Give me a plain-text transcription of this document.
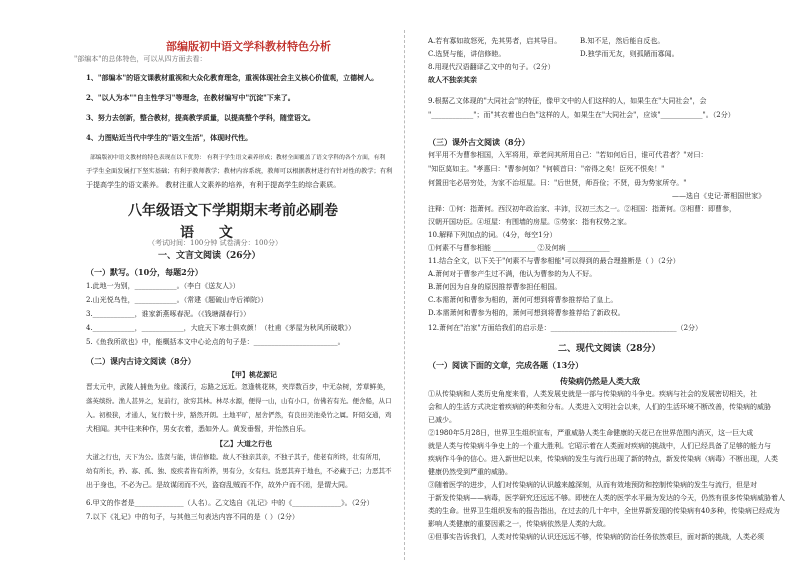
部编版初中语文学科教材特色分析
"部编本"的总体特色，可以从四方面去看：
1、"部编本"的语文课教材重视和大众化教育理念，重视体现社会主义核心价值观，立德树人。
2、"以人为本""自主性学习"等理念，在教材编写中"沉淀"下来了。
3、努力去创新，整合教材，提高教学质量，以提高整个学科，随堂语文。
4、力图贴近当代中学生的"语文生活"，体现时代性。
部编版初中语文教材的特色表现在以下优势： 有利于学生语文素养形成；教材全面覆盖了语文学科的各个方面，有利
于学生全面发展打下坚实基础；有利于教师教学；教材内容系统，教师可以根据教材进行有针对性的教学；有利
于提高学生的语文素养。 教材注重人文素养的培养，有利于提高学生的综合素质。
八年级语文下学期期末考前必刷卷
语 文
（考试时间：100分钟 试卷满分：100分）
一、文言文阅读（26分）
（一）默写。（10分，每题2分）
1.此地一为别，____________。（李白《送友人》）
2.山光悦鸟性，____________。（常建《题破山寺后禅院》）
3.____________，谁家新燕啄春泥。（《钱塘湖春行》）
4.____________，____________，大庇天下寒士俱欢颜！（杜甫《茅屋为秋风所破歌》）
5.《鱼我所欲也》中，能概括本文中心论点的句子是：________________________。
（二）课内古诗文阅读（8分）
【甲】桃花源记
晋太元中，武陵人捕鱼为业。缘溪行，忘路之远近。忽逢桃花林，夹岸数百步，中无杂树，芳草鲜美，
落英缤纷。渔人甚异之，复前行，欲穷其林。林尽水源，便得一山，山有小口，仿佛若有光。便舍船，从口
入。初极狭，才通人，复行数十步，豁然开朗。土地平旷，屋舍俨然，有良田美池桑竹之属。阡陌交通，鸡
犬相闻。其中往来种作，男女衣着，悉如外人。黄发垂髫，并怡然自乐。
【乙】大道之行也
大道之行也，天下为公。选贤与能，讲信修睦。故人不独亲其亲，不独子其子，使老有所终，壮有所用，
幼有所长，矜、寡、孤、独、废疾者皆有所养，男有分，女有归。货恶其弃于地也，不必藏于己；力恶其不
出于身也，不必为己。是故谋闭而不兴，盗窃乱贼而不作，故外户而不闭，是谓大同。
6.甲文的作者是______________（人名）。乙文选自《礼记》中的《______________》。（2分）
7.以下《礼记》中的句子，与其他三句表达内容不同的是（ ）（2分）
A.若有寡如故怒死，先其男者，启其导目。	B.知不足，然后能自反也。
C.选贤与能，讲信修睦。	D.独学而无友，则孤陋而寡闻。
8.用现代汉语翻译乙文中的句子。（2分）
故人不独亲其亲
9.根据乙文体现的"大同社会"的特征，像甲文中的人们这样的人，如果生在"大同社会"，会
"____________"；而"其衣着也白色"这样的人，如果生在"大同社会"，应该"____________"。（2分）
（三）课外古文阅读（8分）
何平用不为曹参相国，入军将用，章老问其所用自己："若如何后日，谁可代君者？"对曰：
"知臣莫如主。"孝惠曰："曹参何如？"何顿首曰："帝得之矣！臣死不恨矣！"
何置田宅必居穷处，为家不治垣屋。曰："后世贤，师吾俭；不贤，毋为势家所夺。"
——选自《史记·萧相国世家》
注释：①何：指萧何。西汉初年政治家、丰沛，汉初三杰之一。②相国：指萧何。③相曹：即曹参，
汉朝开国功臣。④垣屋：有围墙的房屋。⑤势家：指有权势之家。
10.解释下列加点的词。（4分，每空1分）
①何素不与曹参相能 ____________ ②及何病 ____________
11.结合全文，以下关于"何素不与曹参相能"可以得到的最合理推断是（ ）（2分）
A.萧何对于曹参产生过不满，他认为曹参的为人不好。
B.萧何因为自身的原因推荐曹参担任相国。
C.本需萧何和曹参为相的，萧何可想到将曹参推荐给了皇上。
D.本需萧何和曹参为相的，萧何可想到将曹参推荐给了新政权。
12.萧何在"治家"方面给我们的启示是：____________________________________（2分）
二、现代文阅读（28分）
（一）阅读下面的文章，完成各题（13分）
传染病仍然是人类大敌
①从传染病和人类历史角度来看，人类发展史就是一部与传染病的斗争史。疾病与社会的发展密切相关，社
会和人的生活方式决定着疾病的种类和分布。人类进入文明社会以来，人们的生活环境不断改善，传染病的威胁
已减少。
②1980年5月28日，世界卫生组织宣布，严重威胁人类生命健康的天花已在世界范围内消灭，这一巨大成
就是人类与传染病斗争史上的一个重大胜利。它昭示着在人类面对疾病的挑战中，人们已经具备了足够的能力与
疾病作斗争的信心。进入新世纪以来，传染病的发生与流行出现了新的特点，新发传染病（病毒）不断出现，人类
健康仍然受到严重的威胁。
③随着医学的进步，人们对传染病的认识越来越深刻，从而有效地预防和控制传染病的发生与流行，但是对
于新发传染病——病毒，医学研究还远远不够。即使在人类的医学水平最为发达的今天，仍然有很多传染病威胁着人
类的生命。世界卫生组织发布的报告指出，在过去的几十年中，全世界新发现的传染病有40多种，传染病已经成为
影响人类健康的重要因素之一，传染病依然是人类的大敌。
④但事实告诉我们，人类对传染病的认识还远远不够，传染病的防治任务依然艰巨，面对新的挑战，人类必须
